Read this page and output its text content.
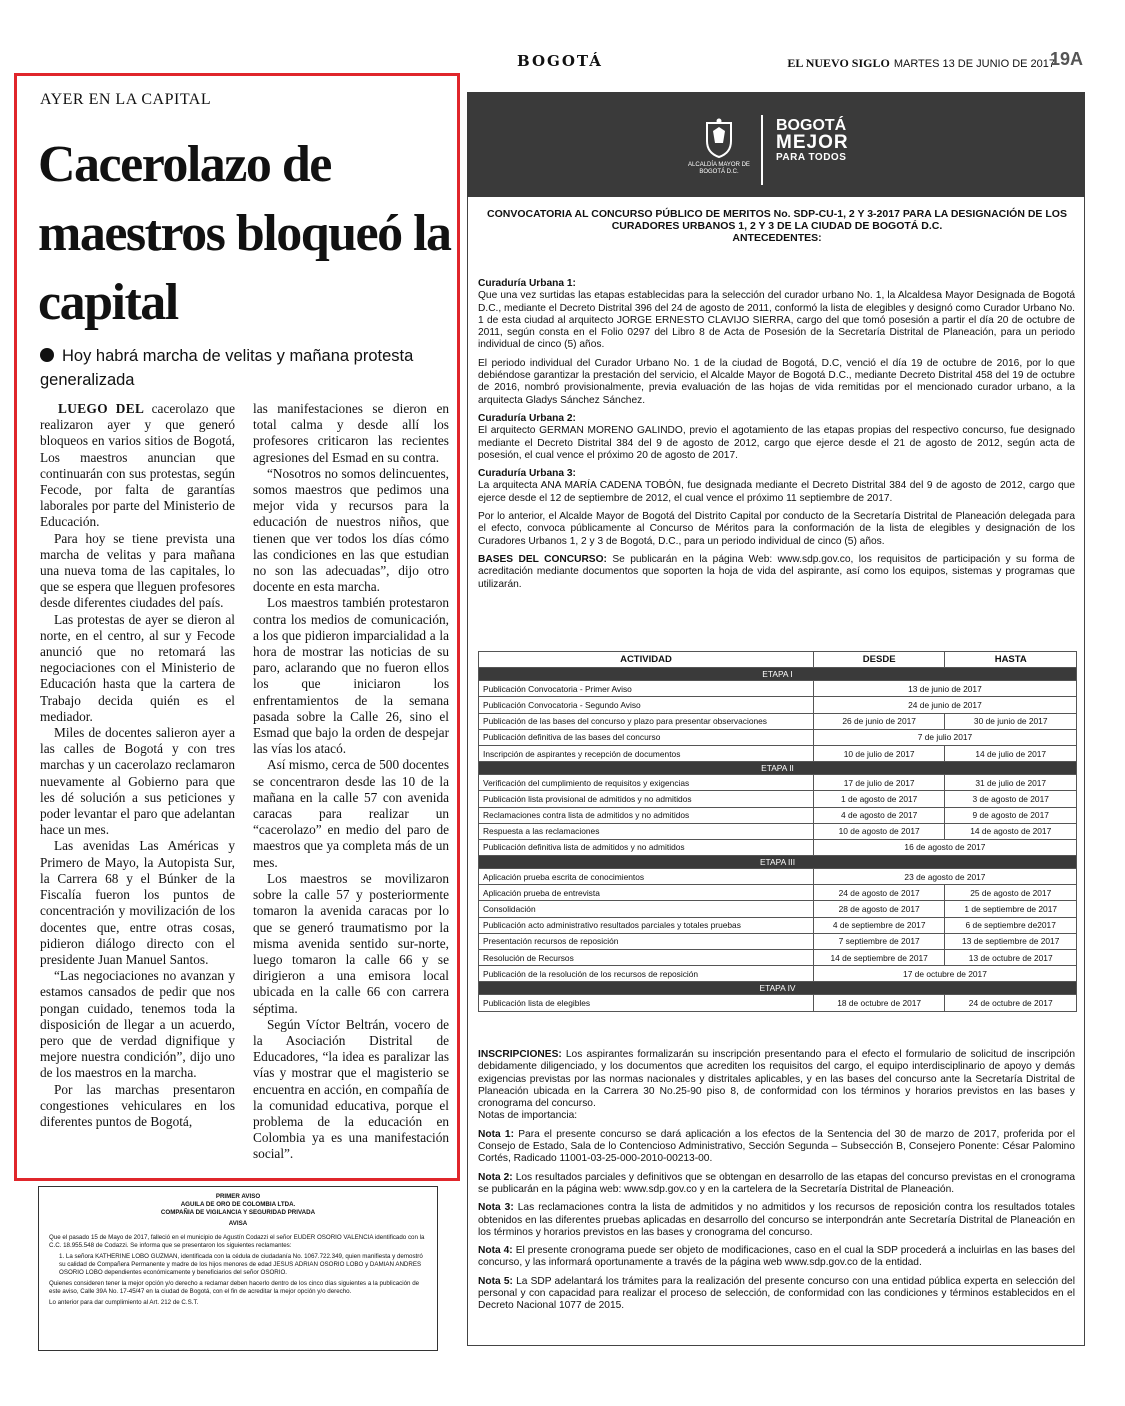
BOGOTÁ	EL NUEVO SIGLO MARTES 13 DE JUNIO DE 2017
19A
AYER EN LA CAPITAL
Cacerolazo de maestros bloqueó la capital
Hoy habrá marcha de velitas y mañana protesta generalizada

LUEGO DEL cacerolazo que realizaron ayer y que generó bloqueos en varios sitios de Bogotá, Los maestros anuncian que continuarán con sus protestas, según Fecode, por falta de garantías laborales por parte del Ministerio de Educación.

Para hoy se tiene prevista una marcha de velitas y para mañana una nueva toma de las capitales, lo que se espera que lleguen profesores desde diferentes ciudades del país.

Las protestas de ayer se dieron al norte, en el centro, al sur y Fecode anunció que no retomará las negociaciones con el Ministerio de Educación hasta que la cartera de Trabajo decida quién es el mediador.

Miles de docentes salieron ayer a las calles de Bogotá y con tres marchas y un cacerolazo reclamaron nuevamente al Gobierno para que les dé solución a sus peticiones y poder levantar el paro que adelantan hace un mes.

Las avenidas Las Américas y Primero de Mayo, la Autopista Sur, la Carrera 68 y el Búnker de la Fiscalía fueron los puntos de concentración y movilización de los docentes que, entre otras cosas, pidieron diálogo directo con el presidente Juan Manuel Santos.

“Las negociaciones no avanzan y estamos cansados de pedir que nos pongan cuidado, tenemos toda la disposición de llegar a un acuerdo, pero que de verdad dignifique y mejore nuestra condición”, dijo uno de los maestros en la marcha.

Por las marchas presentaron congestiones vehiculares en los diferentes puntos de Bogotá,

las manifestaciones se dieron en total calma y desde allí los profesores criticaron las recientes agresiones del Esmad en su contra.

“Nosotros no somos delincuentes, somos maestros que pedimos una mejor vida y recursos para la educación de nuestros niños, que tienen que ver todos los días cómo las condiciones en las que estudian no son las adecuadas”, dijo otro docente en esta marcha.

Los maestros también protestaron contra los medios de comunicación, a los que pidieron imparcialidad a la hora de mostrar las noticias de su paro, aclarando que no fueron ellos los que iniciaron los enfrentamientos de la semana pasada sobre la Calle 26, sino el Esmad que bajo la orden de despejar las vías los atacó.

Así mismo, cerca de 500 docentes se concentraron desde las 10 de la mañana en la calle 57 con avenida caracas para realizar un “cacerolazo” en medio del paro de maestros que ya completa más de un mes.

Los maestros se movilizaron sobre la calle 57 y posteriormente tomaron la avenida caracas por lo que se generó traumatismo por la misma avenida sentido sur-norte, luego tomaron la calle 66 y se dirigieron a una emisora local ubicada en la calle 66 con carrera séptima.

Según Víctor Beltrán, vocero de la Asociación Distrital de Educadores, “la idea es paralizar las vías y mostrar que el magisterio se encuentra en acción, en compañía de la comunidad educativa, porque el problema de la educación en Colombia ya es una manifestación social”.

PRIMER AVISO
AGUILA DE ORO DE COLOMBIA LTDA.
COMPAÑIA DE VIGILANCIA Y SEGURIDAD PRIVADA
AVISA

Que el pasado 15 de Mayo de 2017, falleció en el municipio de Agustín Codazzi el señor EUDER OSORIO VALENCIA identificado con la C.C. 18.955.548 de Codazzi. Se informa que se presentaron los siguientes reclamantes:

1. La señora KATHERINE LOBO GUZMAN, identificada con la cédula de ciudadanía No. 1067.722.349, quien manifiesta y demostró su calidad de Compañera Permanente y madre de los hijos menores de edad JESUS ADRIAN OSORIO LOBO y DAMIAN ANDRES OSORIO LOBO dependientes económicamente y beneficiarios del señor OSORIO.

Quienes consideren tener la mejor opción y/o derecho a reclamar deben hacerlo dentro de los cinco días siguientes a la publicación de este aviso, Calle 39A No. 17-45/47 en la ciudad de Bogotá, con el fin de acreditar la mejor opción y/o derecho.

Lo anterior para dar cumplimiento al Art. 212 de C.S.T.

ALCALDÍA MAYOR DE BOGOTÁ D.C.
BOGOTÁ
MEJOR
PARA TODOS
CONVOCATORIA AL CONCURSO PÚBLICO DE MERITOS No. SDP-CU-1, 2 Y 3-2017 PARA LA DESIGNACIÓN DE LOS CURADORES URBANOS 1, 2 Y 3 DE LA CIUDAD DE BOGOTÁ D.C.
ANTECEDENTES:
Curaduría Urbana 1:

Que una vez surtidas las etapas establecidas para la selección del curador urbano No. 1, la Alcaldesa Mayor Designada de Bogotá D.C., mediante el Decreto Distrital 396 del 24 de agosto de 2011, conformó la lista de elegibles y designó como Curador Urbano No. 1 de esta ciudad al arquitecto JORGE ERNESTO CLAVIJO SIERRA, cargo del que tomó posesión a partir el día 20 de octubre de 2011, según consta en el Folio 0297 del Libro 8 de Acta de Posesión de la Secretaría Distrital de Planeación, para un periodo individual de cinco (5) años.

El periodo individual del Curador Urbano No. 1 de la ciudad de Bogotá, D.C, venció el día 19 de octubre de 2016, por lo que debiéndose garantizar la prestación del servicio, el Alcalde Mayor de Bogotá D.C., mediante Decreto Distrital 458 del 19 de octubre de 2016, nombró provisionalmente, previa evaluación de las hojas de vida remitidas por el mencionado curador urbano, a la arquitecta Gladys Sánchez Sánchez.

Curaduría Urbana 2:

El arquitecto GERMAN MORENO GALINDO, previo el agotamiento de las etapas propias del respectivo concurso, fue designado mediante el Decreto Distrital 384 del 9 de agosto de 2012, cargo que ejerce desde el 21 de agosto de 2012, según acta de posesión, el cual vence el próximo 20 de agosto de 2017.

Curaduría Urbana 3:

La arquitecta ANA MARÍA CADENA TOBÓN, fue designada mediante el Decreto Distrital 384 del 9 de agosto de 2012, cargo que ejerce desde el 12 de septiembre de 2012, el cual vence el próximo 11 septiembre de 2017.

Por lo anterior, el Alcalde Mayor de Bogotá del Distrito Capital por conducto de la Secretaría Distrital de Planeación delegada para el efecto, convoca públicamente al Concurso de Méritos para la conformación de la lista de elegibles y designación de los Curadores Urbanos 1, 2 y 3 de Bogotá, D.C., para un periodo individual de cinco (5) años.

BASES DEL CONCURSO: Se publicarán en la página Web: www.sdp.gov.co, los requisitos de participación y su forma de acreditación mediante documentos que soporten la hoja de vida del aspirante, así como los equipos, sistemas y programas que utilizarán.

ACTIVIDAD	DESDE	HASTA
ETAPA I		
Publicación Convocatoria - Primer Aviso	13 de junio de 2017	
Publicación Convocatoria - Segundo Aviso	24 de junio de 2017	
Publicación de las bases del concurso y plazo para presentar observaciones	26 de junio de 2017	30 de junio de 2017
Publicación definitiva de las bases del concurso	7 de julio 2017	
Inscripción de aspirantes y recepción de documentos	10 de julio de 2017	14 de julio de 2017
ETAPA II		
Verificación del cumplimiento de requisitos y exigencias	17 de julio de 2017	31 de julio de 2017
Publicación lista provisional de admitidos y no admitidos	1 de agosto de 2017	3 de agosto de 2017
Reclamaciones contra lista de admitidos y no admitidos	4 de agosto de 2017	9 de agosto de 2017
Respuesta a las reclamaciones	10 de agosto de 2017	14 de agosto de 2017
Publicación definitiva lista de admitidos y no admitidos	16 de agosto de 2017	
ETAPA III		
Aplicación prueba escrita de conocimientos	23 de agosto de 2017	
Aplicación prueba de entrevista	24 de agosto de 2017	25 de agosto de 2017
Consolidación	28 de agosto de 2017	1 de septiembre de 2017
Publicación acto administrativo resultados parciales y totales pruebas	4 de septiembre de 2017	6 de septiembre de2017
Presentación recursos de reposición	7 septiembre de 2017	13 de septiembre de 2017
Resolución de Recursos	14 de septiembre de 2017	13 de octubre de 2017
Publicación de la resolución de los recursos de reposición	17 de octubre de 2017	
ETAPA IV		
Publicación lista de elegibles	18 de octubre de 2017	24 de octubre de 2017

INSCRIPCIONES: Los aspirantes formalizarán su inscripción presentando para el efecto el formulario de solicitud de inscripción debidamente diligenciado, y los documentos que acrediten los requisitos del cargo, el equipo interdisciplinario de apoyo y demás exigencias previstas por las normas nacionales y distritales aplicables, y en las bases del concurso ante la Secretaría Distrital de Planeación ubicada en la Carrera 30 No.25-90 piso 8, de conformidad con los términos y horarios previstos en las bases y cronograma del concurso.

Notas de importancia:

Nota 1: Para el presente concurso se dará aplicación a los efectos de la Sentencia del 30 de marzo de 2017, proferida por el Consejo de Estado, Sala de lo Contencioso Administrativo, Sección Segunda – Subsección B, Consejero Ponente: César Palomino Cortés, Radicado 11001-03-25-000-2010-00213-00.

Nota 2: Los resultados parciales y definitivos que se obtengan en desarrollo de las etapas del concurso previstas en el cronograma se publicarán en la página web: www.sdp.gov.co y en la cartelera de la Secretaría Distrital de Planeación.

Nota 3: Las reclamaciones contra la lista de admitidos y no admitidos y los recursos de reposición contra los resultados totales obtenidos en las diferentes pruebas aplicadas en desarrollo del concurso se interpondrán ante Secretaría Distrital de Planeación en los términos y horarios previstos en las bases y cronograma del concurso.

Nota 4: El presente cronograma puede ser objeto de modificaciones, caso en el cual la SDP procederá a incluirlas en las bases del concurso, y las informará oportunamente a través de la página web www.sdp.gov.co de la entidad.

Nota 5: La SDP adelantará los trámites para la realización del presente concurso con una entidad pública experta en selección del personal y con capacidad para realizar el proceso de selección, de conformidad con las condiciones y términos establecidos en el Decreto Nacional 1077 de 2015.
